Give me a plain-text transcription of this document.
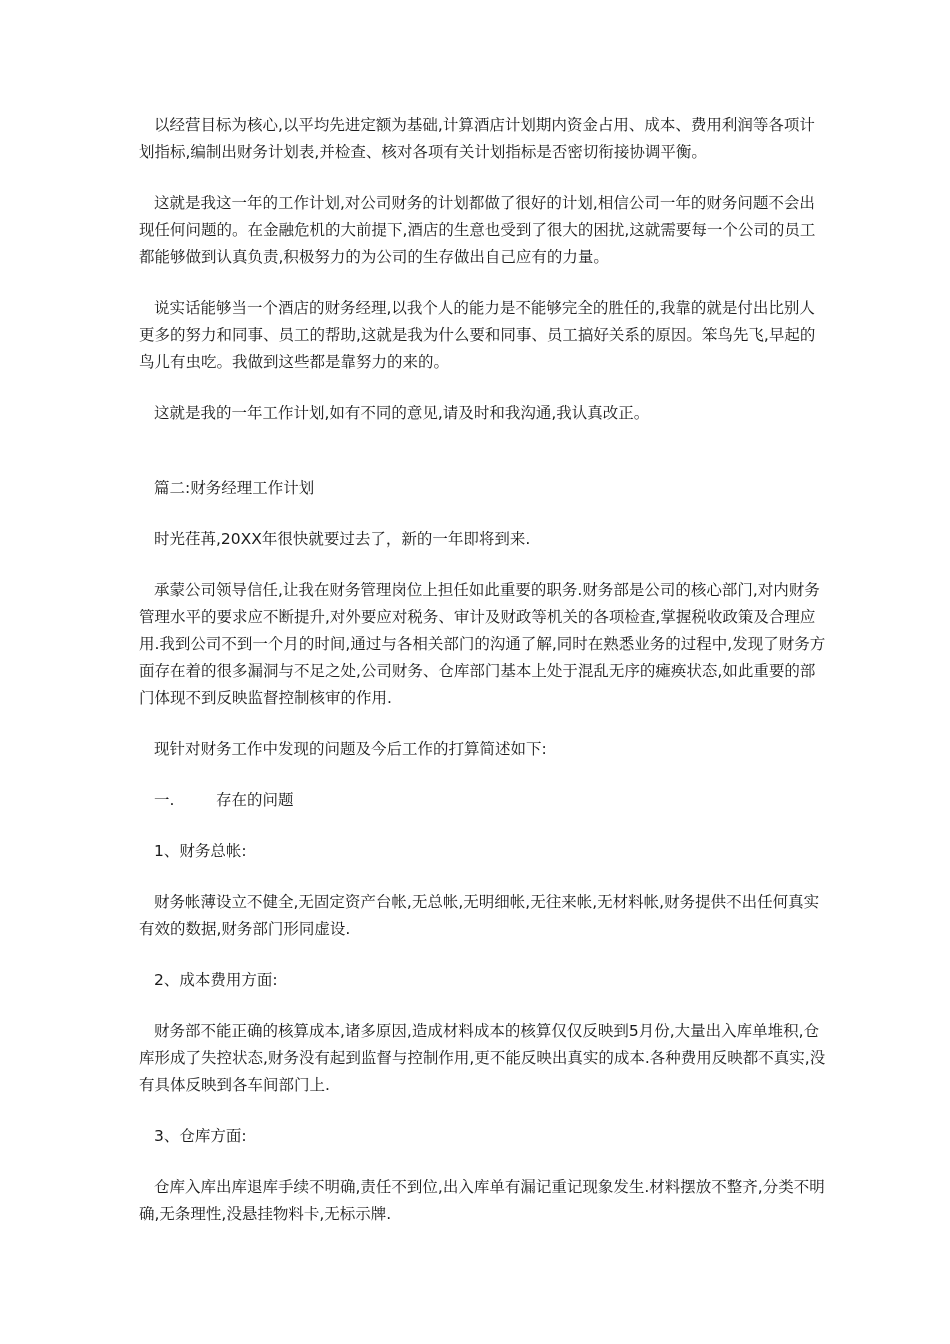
以经营目标为核心,以平均先进定额为基础,计算酒店计划期内资金占用、成本、费用利润等各项计划指标,编制出财务计划表,并检查、核对各项有关计划指标是否密切衔接协调平衡。

这就是我这一年的工作计划,对公司财务的计划都做了很好的计划,相信公司一年的财务问题不会出现任何问题的。在金融危机的大前提下,酒店的生意也受到了很大的困扰,这就需要每一个公司的员工都能够做到认真负责,积极努力的为公司的生存做出自己应有的力量。

说实话能够当一个酒店的财务经理,以我个人的能力是不能够完全的胜任的,我靠的就是付出比别人更多的努力和同事、员工的帮助,这就是我为什么要和同事、员工搞好关系的原因。笨鸟先飞,早起的鸟儿有虫吃。我做到这些都是靠努力的来的。

这就是我的一年工作计划,如有不同的意见,请及时和我沟通,我认真改正。

篇二:财务经理工作计划

时光荏苒,20XX年很快就要过去了，新的一年即将到来.

承蒙公司领导信任,让我在财务管理岗位上担任如此重要的职务.财务部是公司的核心部门,对内财务管理水平的要求应不断提升,对外要应对税务、审计及财政等机关的各项检查,掌握税收政策及合理应用.我到公司不到一个月的时间,通过与各相关部门的沟通了解,同时在熟悉业务的过程中,发现了财务方面存在着的很多漏洞与不足之处,公司财务、仓库部门基本上处于混乱无序的瘫痪状态,如此重要的部门体现不到反映监督控制核审的作用.

现针对财务工作中发现的问题及今后工作的打算简述如下:

一.	存在的问题

1、财务总帐:

财务帐薄设立不健全,无固定资产台帐,无总帐,无明细帐,无往来帐,无材料帐,财务提供不出任何真实有效的数据,财务部门形同虚设.

2、成本费用方面:

财务部不能正确的核算成本,诸多原因,造成材料成本的核算仅仅反映到5月份,大量出入库单堆积,仓库形成了失控状态,财务没有起到监督与控制作用,更不能反映出真实的成本.各种费用反映都不真实,没有具体反映到各车间部门上.

3、仓库方面:

仓库入库出库退库手续不明确,责任不到位,出入库单有漏记重记现象发生.材料摆放不整齐,分类不明确,无条理性,没悬挂物料卡,无标示牌.
